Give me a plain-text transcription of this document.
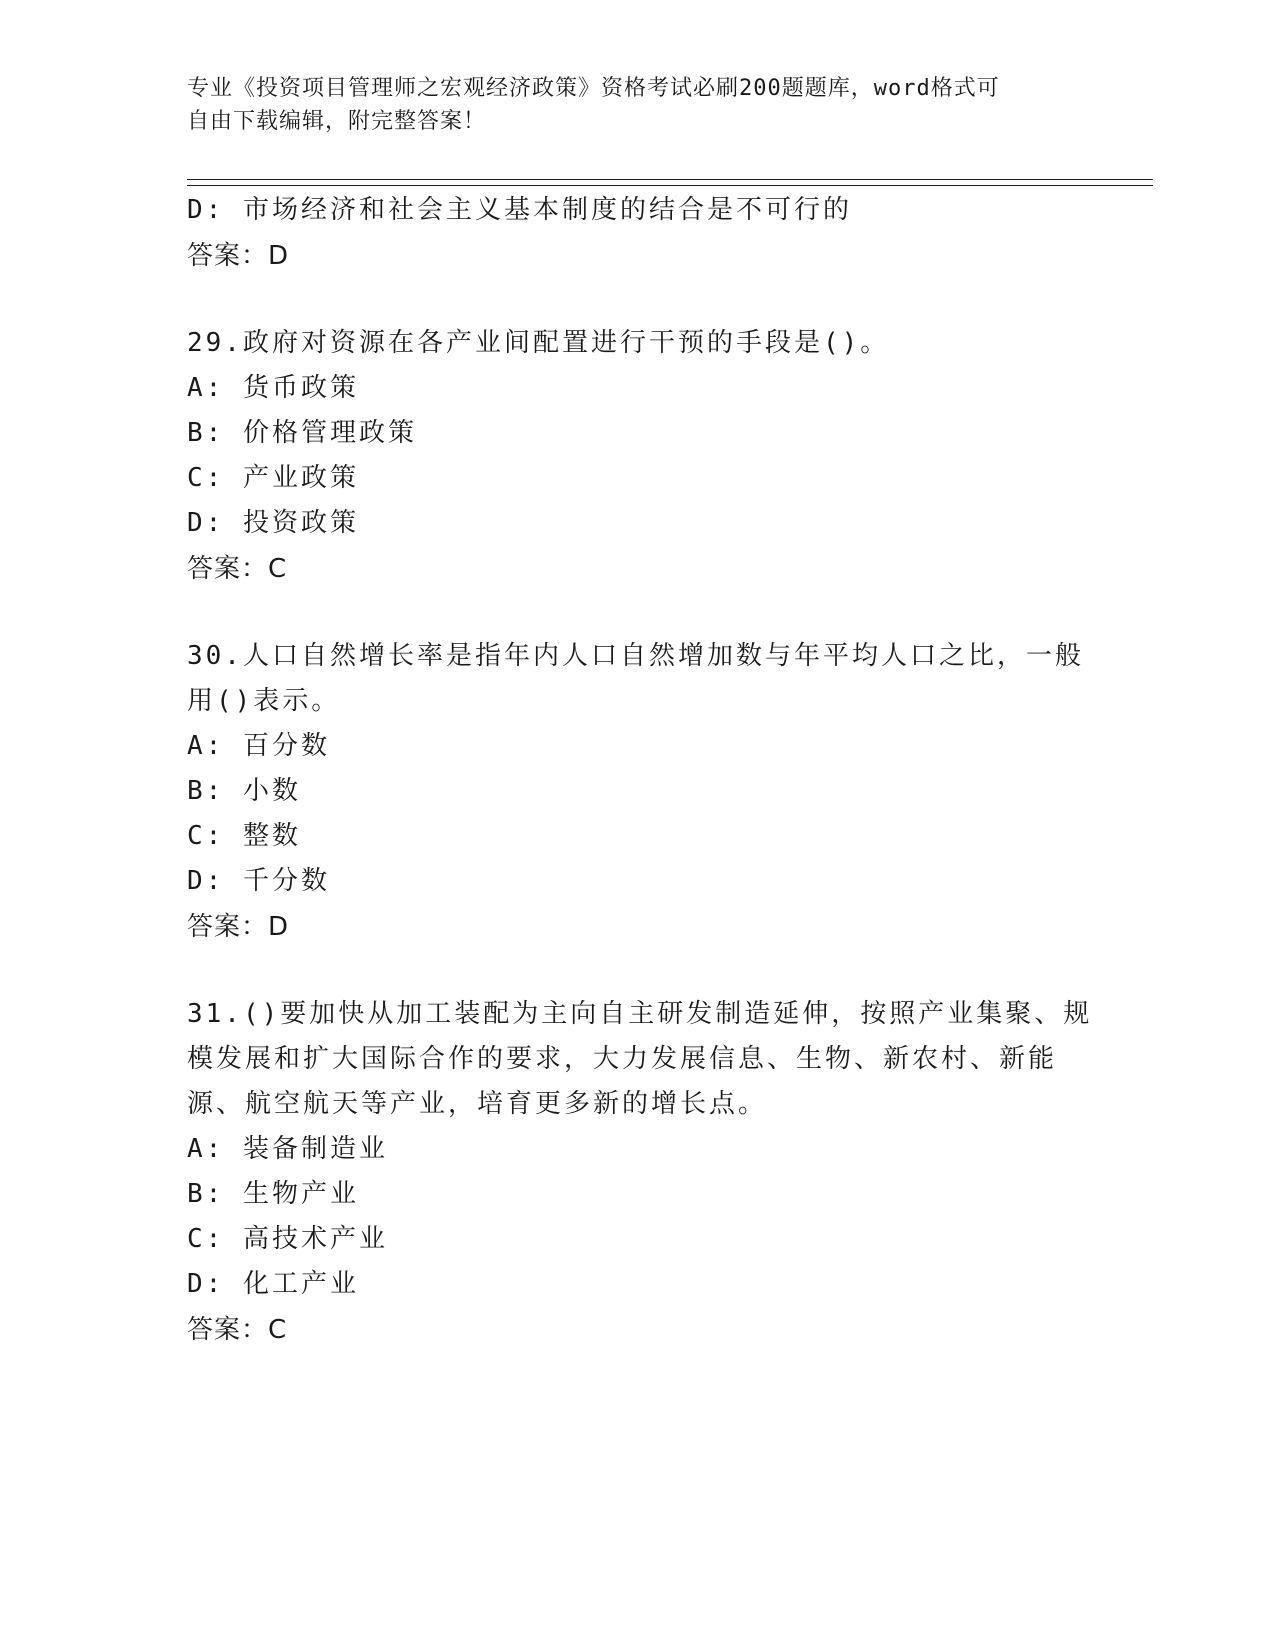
专业《投资项目管理师之宏观经济政策》资格考试必刷200题题库，word格式可
自由下载编辑，附完整答案！
D: 市场经济和社会主义基本制度的结合是不可行的
答案：D
29.政府对资源在各产业间配置进行干预的手段是()。
A: 货币政策
B: 价格管理政策
C: 产业政策
D: 投资政策
答案：C
30.人口自然增长率是指年内人口自然增加数与年平均人口之比，一般
用()表示。
A: 百分数
B: 小数
C: 整数
D: 千分数
答案：D
31.()要加快从加工装配为主向自主研发制造延伸，按照产业集聚、规
模发展和扩大国际合作的要求，大力发展信息、生物、新农村、新能
源、航空航天等产业，培育更多新的增长点。
A: 装备制造业
B: 生物产业
C: 高技术产业
D: 化工产业
答案：C
